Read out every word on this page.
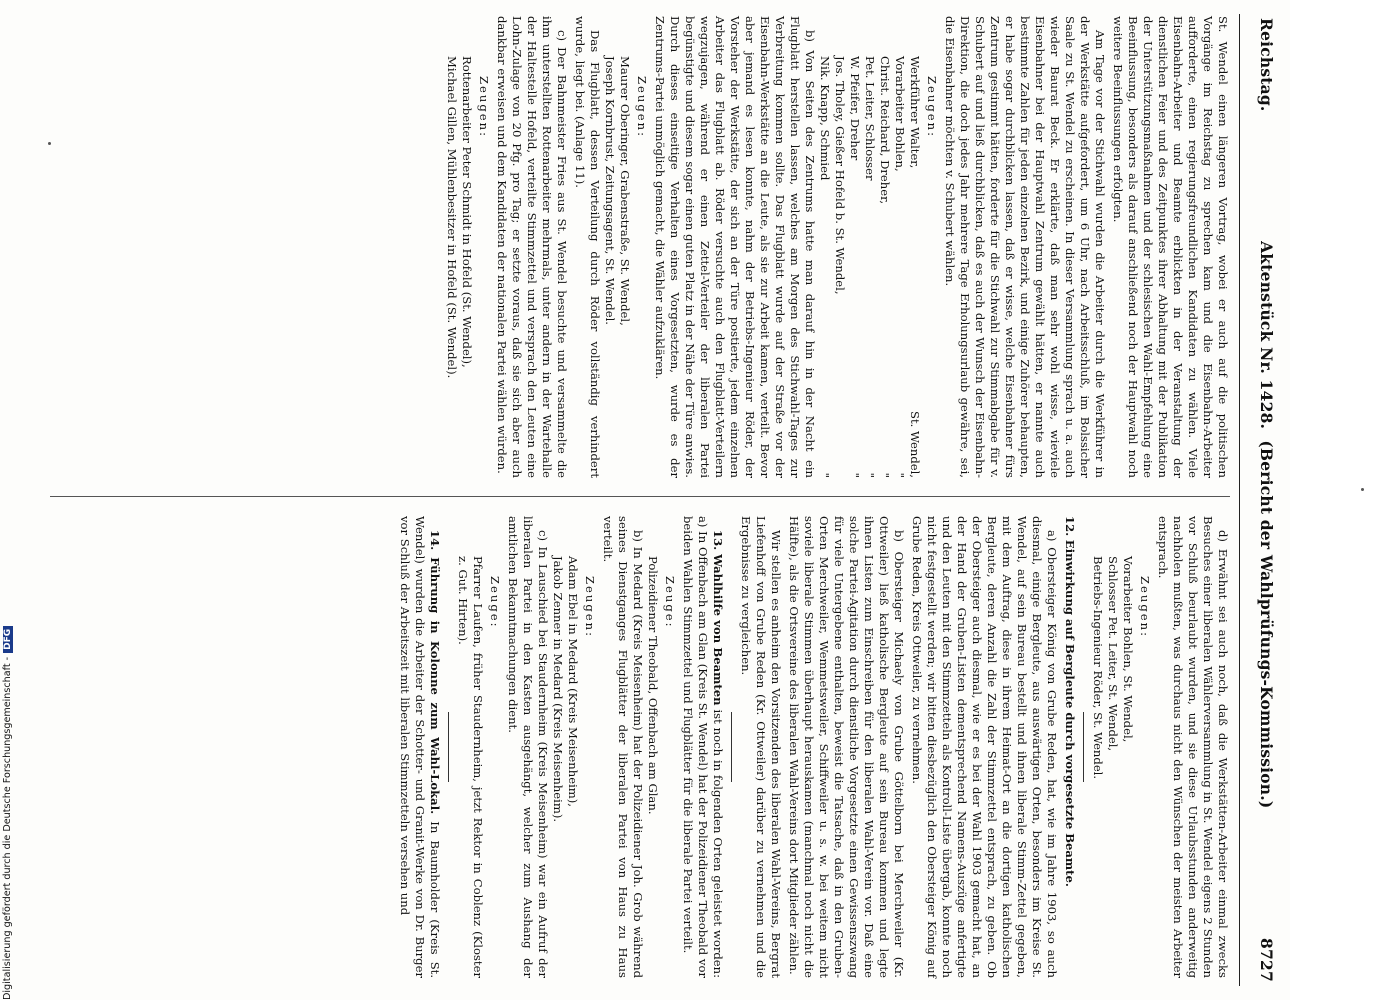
Reichstag.
Aktenstück Nr. 1428.  (Bericht der Wahlprüfungs-Kommission.)
8727

St. Wendel einen längeren Vortrag, wobei er auch auf die politischen Vorgänge im Reichstag zu sprechen kam und die Eisenbahn-Arbeiter aufforderte, einen regierungsfreundlichen Kandidaten zu wählen. Viele Eisenbahn-Arbeiter und Beamte erblickten in der Veranstaltung der dienstlichen Feier und des Zeitpunktes ihrer Abhaltung mit der Publikation der Unterstützungsmaßnahmen und der schlesischen Wahl-Empfehlung eine Beeinflussung, besonders als darauf anschließend noch der Hauptwahl noch weitere Beeinflussungen erfolgten.

Am Tage vor der Stichwahl wurden die Arbeiter durch die Werkführer in der Werkstätte aufgefordert, um 6 Uhr, nach Arbeitsschluß, im Bolssicher Saale zu St. Wendel zu erscheinen. In dieser Versammlung sprach u. a. auch wieder Baurat Beck. Er erklärte, daß man sehr wohl wisse, wieviele Eisenbahner bei der Hauptwahl Zentrum gewählt hätten, er nannte auch bestimmte Zahlen für jeden einzelnen Bezirk, und einige Zuhörer behaupten, er habe sogar durchblicken lassen, daß er wisse, welche Eisenbahner fürs Zentrum gestimmt hätten, forderte für die Stichwahl zur Stimmabgabe für v. Schubert auf und ließ durchblicken, daß es auch der Wunsch der Eisenbahn-Direktion, die doch jedes Jahr mehrere Tage Erholungsurlaub gewähre, sei, die Eisenbahner möchten v. Schubert wählen.

Zeugen:

Werkführer Walter,
St. Wendel,
Vorarbeiter Bohlen,
"
Christ. Reichard, Dreher,
"
Pet. Leiter, Schlosser
"
W. Pfeifer, Dreher
"
Jos. Tholey, Gießer Hofeld b. St. Wendel,
Nik. Knapp, Schmied
"

b) Von Seiten des Zentrums hatte man darauf hin in der Nacht ein Flugblatt herstellen lassen, welches am Morgen des Stichwahl-Tages zur Verbreitung kommen sollte. Das Flugblatt wurde auf der Straße vor der Eisenbahn-Werkstätte an die Leute, als sie zur Arbeit kamen, verteilt. Bevor aber jemand es lesen konnte, nahm der Betriebs-Ingenieur Röder, der Vorsteher der Werkstätte, der sich an der Türe postierte, jedem einzelnen Arbeiter das Flugblatt ab. Röder versuchte auch den Flugblatt-Verteilern wegzujagen, während er einen Zettel-Verteiler der liberalen Partei begünstigte und diesem sogar einen guten Platz in der Nähe der Türe anwies. Durch dieses einseitige Verhalten eines Vorgesetzten, wurde es der Zentrums-Partei unmöglich gemacht, die Wähler aufzuklären.

Zeugen:

Maurer Oberinger, Grabenstraße, St. Wendel,

Joseph Kornbrust, Zeitungsagent, St. Wendel.

Das Flugblatt, dessen Verteilung durch Röder vollständig verhindert wurde, liegt bei. (Anlage 11).

c) Der Bahnmeister Fries aus St. Wendel besuchte und versammelte die ihm unterstellten Rottenarbeiter mehrmals, unter andern in der Wartehalle der Haltestelle Hofeld, verteilte Stimmzettel und versprach den Leuten eine Lohn-Zulage von 20 Pfg. pro Tag; er setzte voraus, daß sie sich aber auch dankbar erweisen und dem Kandidaten der nationalen Partei wählen würden.

Zeugen:

Rottenarbeiter Peter Schmidt in Hofeld (St. Wendel),

Michael Gillen, Mühlenbesitzer in Hofeld (St. Wendel).

d) Erwähnt sei auch noch, daß die Werkstätten-Arbeiter einmal zwecks Besuches einer liberalen Wählerversammlung in St. Wendel eigens 2 Stunden vor Schluß beurlaubt wurden, und sie diese Urlaubsstunden anderweitig nachholen mußten, was durchaus nicht den Wünschen der meisten Arbeiter entsprach.

Zeugen:

Vorarbeiter Bohlen, St. Wendel,

Schlosser Pet. Leiter, St. Wendel,

Betriebs-Ingenieur Röder, St. Wendel.

12. Einwirkung auf Bergleute durch vorgesetzte Beamte.

a) Obersteiger König von Grube Reden, hat, wie im Jahre 1903, so auch diesmal, einige Bergleute, aus auswärtigen Orten, besonders im Kreise St. Wendel, auf sein Bureau bestellt und ihnen liberale Stimm-Zettel gegeben, mit dem Auftrag, diese in ihrem Heimat-Ort an die dortigen katholischen Bergleute, deren Anzahl die Zahl der Stimmzettel entsprach, zu geben. Ob der Obersteiger auch diesmal, wie er es bei der Wahl 1903 gemacht hat, an der Hand der Gruben-Listen dementsprechend Namens-Auszüge anfertigte und den Leuten mit den Stimmzetteln als Kontroll-Liste übergab, konnte noch nicht festgestellt werden; wir bitten diesbezüglich den Obersteiger König auf Grube Reden, Kreis Ottweiler, zu vernehmen.

b) Obersteiger Michaely von Grube Göttelborn bei Merchweiler (Kr. Ottweiler) ließ katholische Bergleute auf sein Bureau kommen und legte ihnen Listen zum Einschreiben für den liberalen Wahl-Verein vor. Daß eine solche Partei-Agitation durch dienstliche Vorgesetzte einen Gewissenszwang für viele Untergebene enthalten, beweist die Tatsache, daß in den Gruben-Orten Merchweiler, Wemmetsweiler, Schiffweiler u. s. w. bei weitem nicht soviele liberale Stimmen überhaupt herauskamen (manchmal noch nicht die Hälfte), als die Ortsvereine des liberalen Wahl-Vereins dort Mitglieder zählen.

Wir stellen es anheim den Vorsitzenden des liberalen Wahl-Vereins, Bergrat Liefenhoff von Grube Reden (Kr. Ottweiler) darüber zu vernehmen und die Ergebnisse zu vergleichen.

13. Wahlhilfe von Beamten ist noch in folgenden Orten geleistet worden: a) In Offenbach am Glan (Kreis St. Wendel) hat der Polizeidiener Theobald vor beiden Wahlen Stimmzettel und Flugblätter für die liberale Partei verteilt.

Zeuge:

Polizeidiener Theobald, Offenbach am Glan.

b) In Medard (Kreis Meisenheim) hat der Polizeidiener Joh. Grob während seines Dienstganges Flugblätter der liberalen Partei von Haus zu Haus verteilt.

Zeugen:

Adam Ebel in Medard (Kreis Meisenheim),

Jakob Zenner in Medard (Kreis Meisenheim).

c) In Lauschied bei Staudernheim (Kreis Meisenheim) war ein Aufruf der liberalen Partei in den Kasten ausgehängt, welcher zum Aushang der amtlichen Bekanntmachungen dient.

Zeuge:

Pfarrer Laufen, früher Staudernheim, jetzt Rektor in Coblenz (Kloster z. Gut. Hirten).

14. Führung in Kolonne zum Wahl-Lokal. In Baumholder (Kreis St. Wendel) wurden die Arbeiter der Schotter- und Granit-Werke von Dr. Burger vor Schluß der Arbeitszeit mit liberalen Stimmzetteln versehen und

Digitalisierung gefördert durch die Deutsche Forschungsgemeinschaft -DFG
